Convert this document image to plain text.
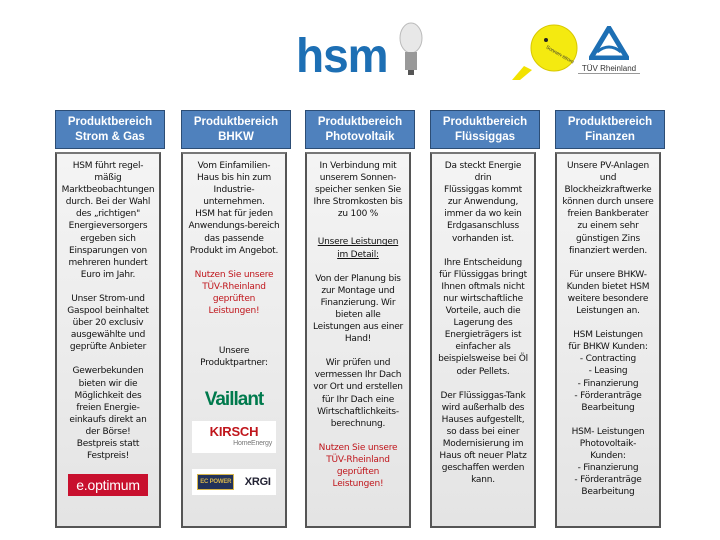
hsm	Sonnen-strom
TÜV Rheinland
Produktbereich
Strom & Gas

HSM führt regel-
mäßig
Marktbeobachtungen
durch. Bei der Wahl
des „richtigen"
Energieversorgers
ergeben sich
Einsparungen von
mehreren hundert
Euro im Jahr.

Unser Strom-und
Gaspool beinhaltet
über 20 exclusiv
ausgewählte und
geprüfte Anbieter

Gewerbekunden
bieten wir die
Möglichkeit des
freien Energie-
einkaufs direkt an
der Börse!
Bestpreis statt
Festpreis!

e.optimum
Produktbereich
BHKW

Vom Einfamilien-
Haus bis hin zum
Industrie-
unternehmen.
HSM hat für jeden
Anwendungs-bereich
das passende
Produkt im Angebot.

Nutzen Sie unsere
TÜV-Rheinland
geprüften
Leistungen!

Unsere
Produktpartner:

Vaillant
KIRSCH
HomeEnergy
EC POWER XRGI
Produktbereich
Photovoltaik

In Verbindung mit
unserem Sonnen-
speicher senken Sie
Ihre Stromkosten bis
zu 100 %

Unsere Leistungen
im Detail:

Von der Planung bis
zur Montage und
Finanzierung. Wir
bieten alle
Leistungen aus einer
Hand!

Wir prüfen und
vermessen Ihr Dach
vor Ort und erstellen
für Ihr Dach eine
Wirtschaftlichkeits-
berechnung.

Nutzen Sie unsere
TÜV-Rheinland
geprüften
Leistungen!

Produktbereich
Flüssiggas

Da steckt Energie
drin
Flüssiggas kommt
zur Anwendung,
immer da wo kein
Erdgasanschluss
vorhanden ist.

Ihre Entscheidung
für Flüssiggas bringt
Ihnen oftmals nicht
nur wirtschaftliche
Vorteile, auch die
Lagerung des
Energieträgers ist
einfacher als
beispielsweise bei Öl
oder Pellets.

Der Flüssiggas-Tank
wird außerhalb des
Hauses aufgestellt,
so dass bei einer
Modernisierung im
Haus oft neuer Platz
geschaffen werden
kann.

Produktbereich
Finanzen

Unsere PV-Anlagen
und
Blockheizkraftwerke
können durch unsere
freien Bankberater
zu einem sehr
günstigen Zins
finanziert werden.

Für unsere BHKW-
Kunden bietet HSM
weitere besondere
Leistungen an.

HSM Leistungen
für BHKW Kunden:
- Contracting
- Leasing
- Finanzierung
- Förderanträge
Bearbeitung

HSM- Leistungen
Photovoltaik-
Kunden:
- Finanzierung
- Förderanträge
Bearbeitung
